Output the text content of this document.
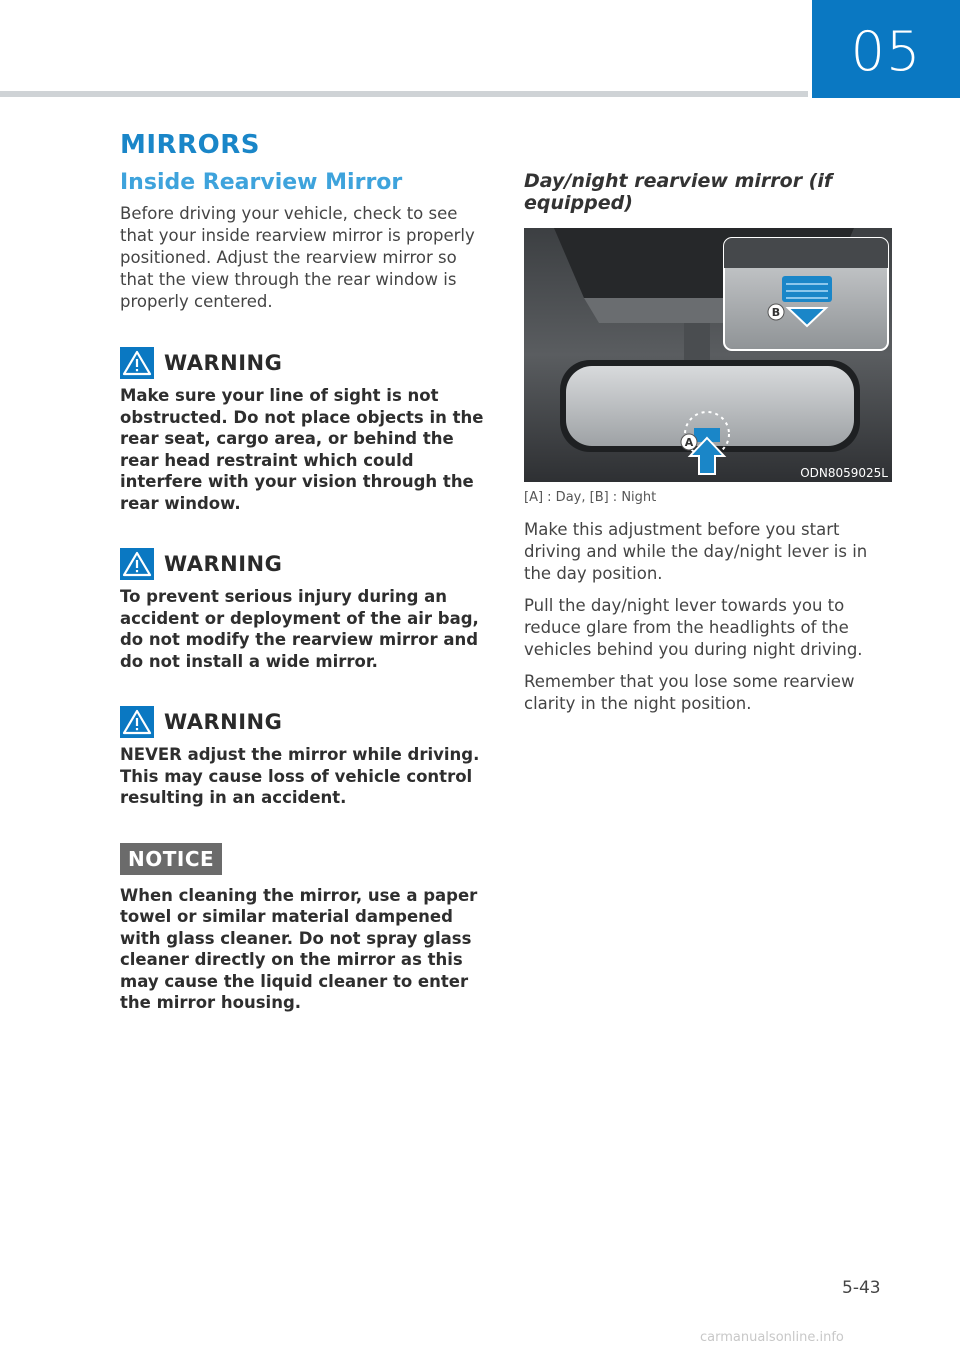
05
MIRRORS
Inside Rearview Mirror

Before driving your vehicle, check to see that your inside rearview mirror is properly positioned. Adjust the rearview mirror so that the view through the rear window is properly centered.

WARNING

Make sure your line of sight is not obstructed. Do not place objects in the rear seat, cargo area, or behind the rear head restraint which could interfere with your vision through the rear window.

WARNING

To prevent serious injury during an accident or deployment of the air bag, do not modify the rearview mirror and do not install a wide mirror.

WARNING

NEVER adjust the mirror while driving. This may cause loss of vehicle control resulting in an accident.

NOTICE

When cleaning the mirror, use a paper towel or similar material dampened with glass cleaner. Do not spray glass cleaner directly on the mirror as this may cause the liquid cleaner to enter the mirror housing.

Day/night rearview mirror (if equipped)
A
B
ODN8059025L

[A] : Day, [B] : Night

Make this adjustment before you start driving and while the day/night lever is in the day position.

Pull the day/night lever towards you to reduce glare from the headlights of the vehicles behind you during night driving.

Remember that you lose some rearview clarity in the night position.

5-43
carmanualsonline.info
